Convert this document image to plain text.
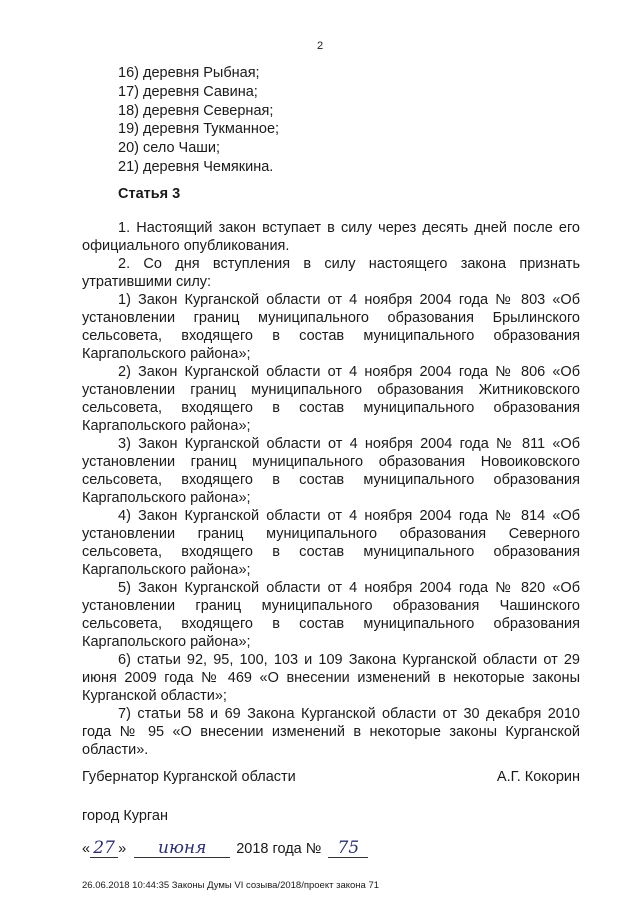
2
16) деревня Рыбная;
17) деревня Савина;
18) деревня Северная;
19) деревня Тукманное;
20) село Чаши;
21) деревня Чемякина.
Статья 3

1. Настоящий закон вступает в силу через десять дней после его официального опубликования.

2. Со дня вступления в силу настоящего закона признать утратившими силу:

1) Закон Курганской области от 4 ноября 2004 года № 803 «Об установлении границ муниципального образования Брылинского сельсовета, входящего в состав муниципального образования Каргапольского района»;

2) Закон Курганской области от 4 ноября 2004 года № 806 «Об установлении границ муниципального образования Житниковского сельсовета, входящего в состав муниципального образования Каргапольского района»;

3) Закон Курганской области от 4 ноября 2004 года № 811 «Об установлении границ муниципального образования Новоиковского сельсовета, входящего в состав муниципального образования Каргапольского района»;

4) Закон Курганской области от 4 ноября 2004 года № 814 «Об установлении границ муниципального образования Северного сельсовета, входящего в состав муниципального образования Каргапольского района»;

5) Закон Курганской области от 4 ноября 2004 года № 820 «Об установлении границ муниципального образования Чашинского сельсовета, входящего в состав муниципального образования Каргапольского района»;

6) статьи 92, 95, 100, 103 и 109 Закона Курганской области от 29 июня 2009 года № 469 «О внесении изменений в некоторые законы Курганской области»;

7) статьи 58 и 69 Закона Курганской области от 30 декабря 2010 года № 95 «О внесении изменений в некоторые законы Курганской области».

Губернатор Курганской области	А.Г. Кокорин
город Курган
« 27 » июня 2018 года № 75
26.06.2018 10:44:35 Законы Думы VI созыва/2018/проект закона 71
